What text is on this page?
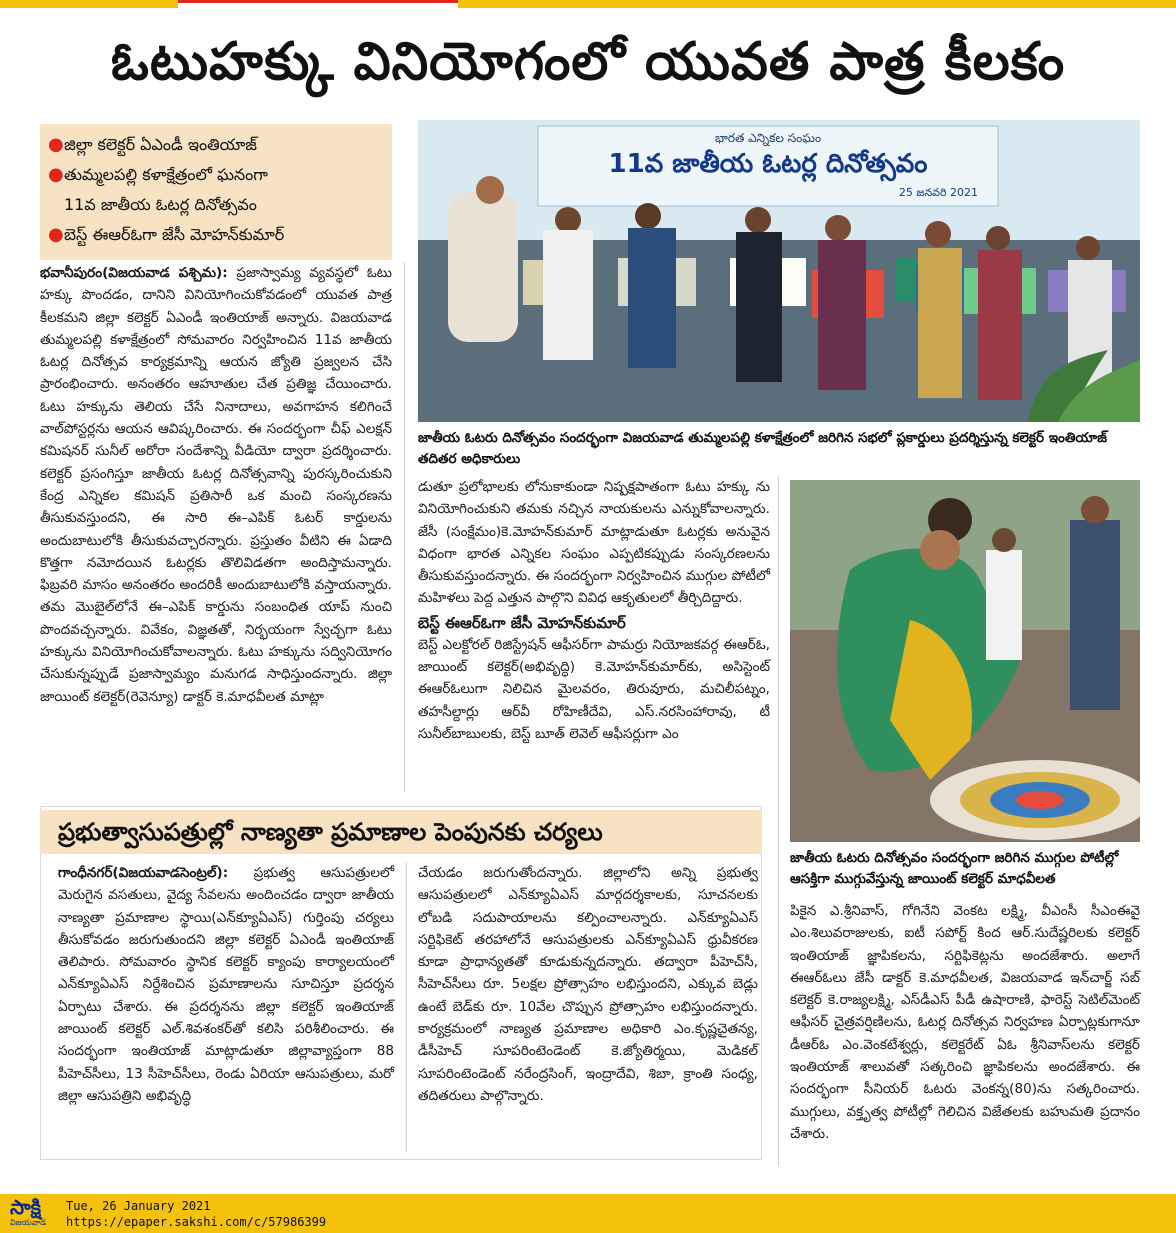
ఓటుహక్కు వినియోగంలో యువత పాత్ర కీలకం
● జిల్లా కలెక్టర్ ఏఎండీ ఇంతియాజ్
● తుమ్మలపల్లి కళాక్షేత్రంలో ఘనంగా
11వ జాతీయ ఓటర్ల దినోత్సవం
● బెస్ట్ ఈఆర్ఓగా జేసీ మోహన్‌కుమార్
భారత ఎన్నికల సంఘం
11వ జాతీయ ఓటర్ల దినోత్సవం
25 జనవరి 2021
జాతీయ ఓటరు దినోత్సవం సందర్భంగా విజయవాడ తుమ్మలపల్లి కళాక్షేత్రంలో జరిగిన సభలో ప్లకార్డులు ప్రదర్శిస్తున్న కలెక్టర్ ఇంతియాజ్ తదితర అధికారులు

భవానీపురం(విజయవాడ పశ్చిమ): ప్రజాస్వామ్య వ్యవస్థలో ఓటు హక్కు పొందడం, దానిని వినియోగించుకోవడంలో యువత పాత్ర కీలకమని జిల్లా కలెక్టర్ ఏఎండీ ఇంతియాజ్ అన్నారు. విజయవాడ తుమ్మలపల్లి కళాక్షేత్రంలో సోమవారం నిర్వహించిన 11వ జాతీయ ఓటర్ల దినోత్సవ కార్యక్రమాన్ని ఆయన జ్యోతి ప్రజ్వలన చేసి ప్రారంభించారు. అనంతరం ఆహూతుల చేత ప్రతిజ్ఞ చేయించారు. ఓటు హక్కును తెలియ చేసే నినాదాలు, అవగాహన కలిగించే వాల్‌పోస్టర్లను ఆయన ఆవిష్కరించారు. ఈ సందర్భంగా చీఫ్ ఎలక్షన్ కమిషనర్ సునీల్ అరోరా సందేశాన్ని వీడియో ద్వారా ప్రదర్శించారు. కలెక్టర్ ప్రసంగిస్తూ జాతీయ ఓటర్ల దినోత్సవాన్ని పురస్కరించుకుని కేంద్ర ఎన్నికల కమిషన్ ప్రతిసారీ ఒక మంచి సంస్కరణను తీసుకువస్తుందని, ఈ సారి ఈ–ఎపిక్ ఓటర్ కార్డులను అందుబాటులోకి తీసుకువచ్చారన్నారు. ప్రస్తుతం వీటిని ఈ ఏడాది కొత్తగా నమోదయిన ఓటర్లకు తొలివిడతగా అందిస్తామన్నారు. ఫిబ్రవరి మాసం అనంతరం అందరికీ అందుబాటులోకి వస్తాయన్నారు. తమ మొబైల్‌లోనే ఈ–ఎపిక్ కార్డును సంబంధిత యాప్ నుంచి పొందవచ్చన్నారు. వివేకం, విజ్ఞతతో, నిర్భయంగా స్వేచ్ఛగా ఓటు హక్కును వినియోగించుకోవాలన్నారు. ఓటు హక్కును సద్వినియోగం చేసుకున్నప్పుడే ప్రజాస్వామ్యం మనుగడ సాధిస్తుందన్నారు. జిల్లా జాయింట్ కలెక్టర్(రెవెన్యూ) డాక్టర్ కె.మాధవీలత మాట్లా

డుతూ ప్రలోభాలకు లోనుకాకుండా నిష్పక్షపాతంగా ఓటు హక్కు ను వినియోగించుకుని తమకు నచ్చిన నాయకులను ఎన్నుకోవాలన్నారు. జేసీ (సంక్షేమం)కె.మోహన్‌కుమార్ మాట్లాడుతూ ఓటర్లకు అనువైన విధంగా భారత ఎన్నికల సంఘం ఎప్పటికప్పుడు సంస్కరణలను తీసుకువస్తుందన్నారు. ఈ సందర్భంగా నిర్వహించిన ముగ్గుల పోటీలో మహిళలు పెద్ద ఎత్తున పాల్గొని వివిధ ఆకృతులలో తీర్చిదిద్దారు.

బెస్ట్ ఈఆర్ఓగా జేసీ మోహన్‌కుమార్

బెస్ట్ ఎలక్టోరల్ రిజిస్ట్రేషన్ ఆఫీసర్‌గా పామర్రు నియోజకవర్గ ఈఆర్ఓ, జాయింట్ కలెక్టర్(అభివృద్ధి) కె.మోహన్‌కుమార్‌కు, అసిస్టెంట్ ఈఆర్ఓలుగా నిలిచిన మైలవరం, తిరువూరు, మచిలీపట్నం, తహసీల్దార్లు ఆర్‌వీ రోహిణీదేవి, ఎస్.నరసింహారావు, టీ సునీల్‌బాబులకు, బెస్ట్ బూత్ లెవెల్ ఆఫీసర్లుగా ఎం

జాతీయ ఓటరు దినోత్సవం సందర్భంగా జరిగిన ముగ్గుల పోటీల్లో ఆసక్తిగా ముగ్గువేస్తున్న జాయింట్ కలెక్టర్ మాధవీలత

పికైన ఎ.శ్రీనివాస్, గోగినేని వెంకట లక్ష్మి, వీఎంసీ సీఎంఈవై ఎం.శిలువరాజులకు, ఐటీ సపోర్ట్ కింద ఆర్.సుదేష్ణరిలకు కలెక్టర్ ఇంతియాజ్ జ్ఞాపికలను, సర్టిఫికెట్లను అందజేశారు. అలాగే ఈఆర్ఓలు జేసీ డాక్టర్ కె.మాధవీలత, విజయవాడ ఇన్‌చార్జ్ సబ్ కలెక్టర్ కె.రాజ్యలక్ష్మి, ఎస్‌డీఎస్ పీడీ ఉషారాణి, ఫారెస్ట్ సెటిల్‌మెంట్ ఆఫీసర్ చైత్రవర్షిణిలను, ఓటర్ల దినోత్సవ నిర్వహణ ఏర్పాట్లకుగానూ డీఆర్‌ఓ ఎం.వెంకటేశ్వర్లు, కలెక్టరేట్ ఏఓ శ్రీనివాస్‌లను కలెక్టర్ ఇంతియాజ్ శాలువతో సత్కరించి జ్ఞాపికలను అందజేశారు. ఈ సందర్భంగా సీనియర్ ఓటరు వెంకన్న(80)ను సత్కరించారు. ముగ్గులు, వక్తృత్వ పోటీల్లో గెలిచిన విజేతలకు బహుమతి ప్రదానం చేశారు.

ప్రభుత్వాసుపత్రుల్లో నాణ్యతా ప్రమాణాల పెంపునకు చర్యలు

గాంధీనగర్(విజయవాడసెంట్రల్): ప్రభుత్వ ఆసుపత్రులలో మెరుగైన వసతులు, వైద్య సేవలను అందించడం ద్వారా జాతీయ నాణ్యతా ప్రమాణాల స్థాయి(ఎన్‌క్యూఏఎస్) గుర్తింపు చర్యలు తీసుకోవడం జరుగుతుందని జిల్లా కలెక్టర్ ఏఎండీ ఇంతియాజ్ తెలిపారు. సోమవారం స్థానిక కలెక్టర్ క్యాంపు కార్యాలయంలో ఎన్‌క్యూఏఎస్ నిర్దేశించిన ప్రమాణాలను సూచిస్తూ ప్రదర్శన ఏర్పాటు చేశారు. ఈ ప్రదర్శనను జిల్లా కలెక్టర్ ఇంతియాజ్ జాయింట్ కలెక్టర్ ఎల్.శివశంకర్‌తో కలిసి పరిశీలించారు. ఈ సందర్భంగా ఇంతియాజ్ మాట్లాడుతూ జిల్లావ్యాప్తంగా 88 పీహెచ్‌సీలు, 13 సీహెచ్‌సీలు, రెండు ఏరియా ఆసుపత్రులు, మరో జిల్లా ఆసుపత్రిని అభివృద్ధి

చేయడం జరుగుతోందన్నారు. జిల్లాలోని అన్ని ప్రభుత్వ ఆసుపత్రులలో ఎన్‌క్యూఏఎస్ మార్గదర్శకాలకు, సూచనలకు లోబడి సదుపాయాలను కల్పించాలన్నారు. ఎన్‌క్యూఏఎస్ సర్టిఫికెట్ తరహాలోనే ఆసుపత్రులకు ఎన్‌క్యూఏఎస్ ధ్రువీకరణ కూడా ప్రాధాన్యతతో కూడుకున్నదన్నారు. తద్వారా పీహెచ్‌సీ, సీహెచ్‌సీలు రూ. 5లక్షల ప్రోత్సాహం లభిస్తుందని, ఎక్కువ బెడ్లు ఉంటే బెడ్‌కు రూ. 10వేల చొప్పున ప్రోత్సాహం లభిస్తుందన్నారు. కార్యక్రమంలో నాణ్యత ప్రమాణాల అధికారి ఎం.కృష్ణచైతన్య, డీసీహెచ్ సూపరింటెండెంట్ కె.జ్యోతిర్మయి, మెడికల్ సూపరింటెండెంట్ నరేంద్రసింగ్, ఇంద్రాదేవి, శిబా, క్రాంతి సంధ్య, తదితరులు పాల్గొన్నారు.

సాక్షి
విజయవాడ
Tue, 26 January 2021
https://epaper.sakshi.com/c/57986399
